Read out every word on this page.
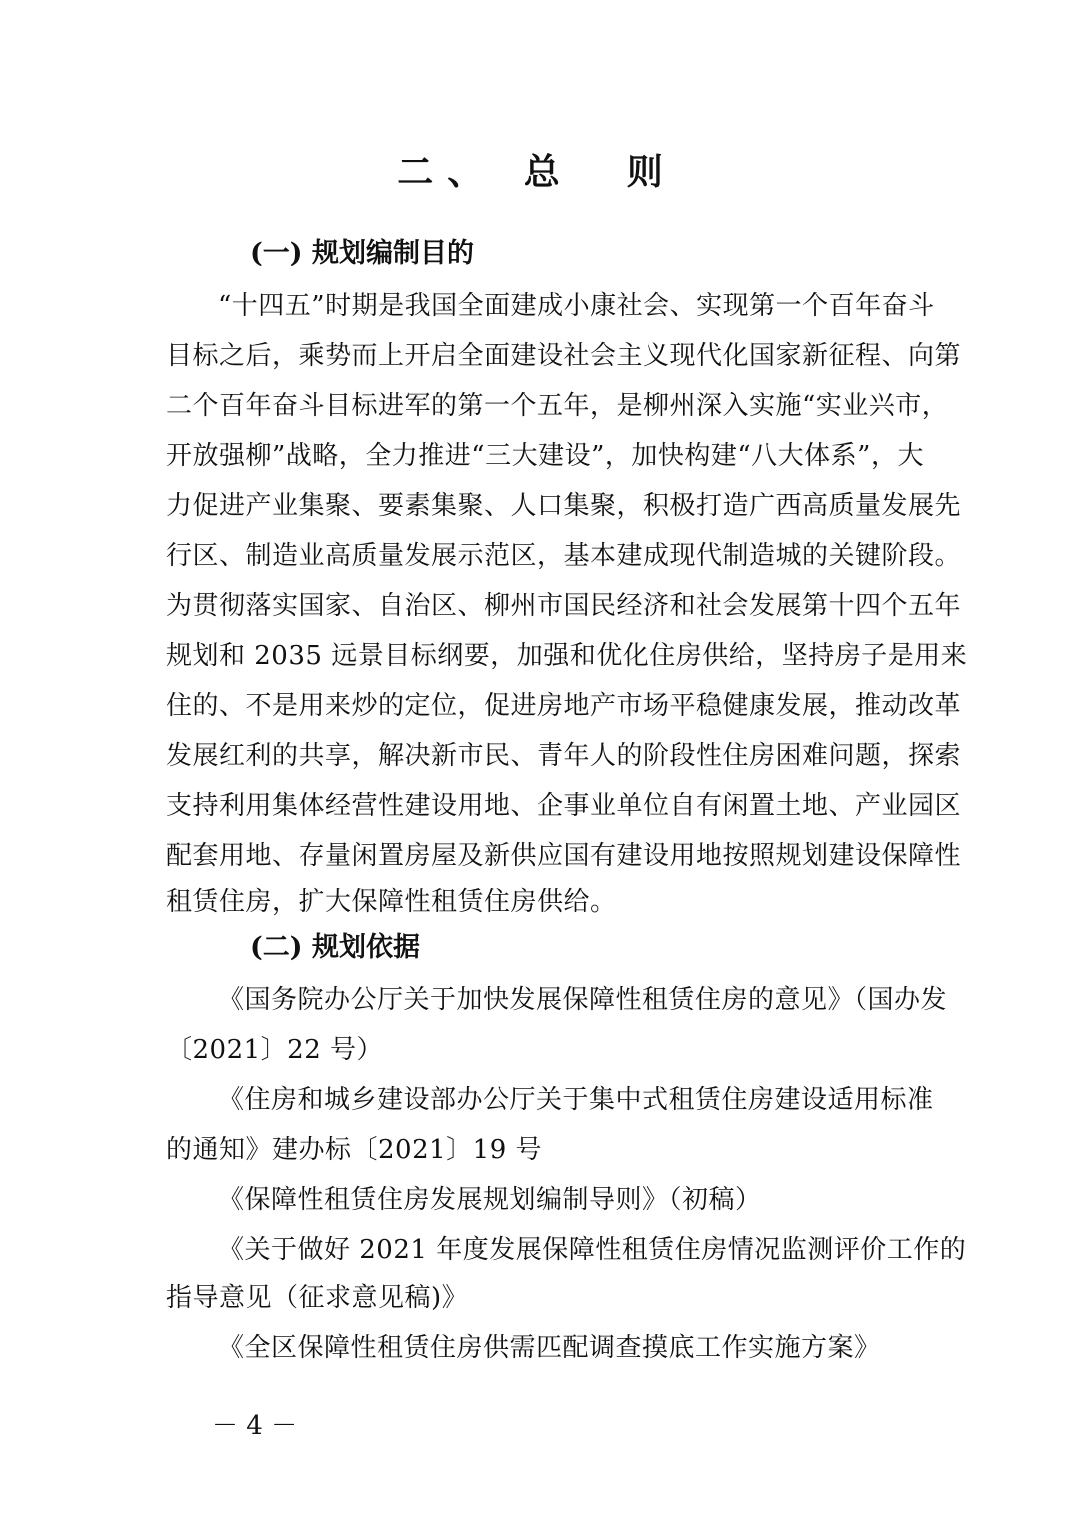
二、 总  则
(一) 规划编制目的
“十四五”时期是我国全面建成小康社会、实现第一个百年奋斗
目标之后，乘势而上开启全面建设社会主义现代化国家新征程、向第
二个百年奋斗目标进军的第一个五年，是柳州深入实施“实业兴市，
开放强柳”战略，全力推进“三大建设”，加快构建“八大体系”，大
力促进产业集聚、要素集聚、人口集聚，积极打造广西高质量发展先
行区、制造业高质量发展示范区，基本建成现代制造城的关键阶段。
为贯彻落实国家、自治区、柳州市国民经济和社会发展第十四个五年
规划和 2035 远景目标纲要，加强和优化住房供给，坚持房子是用来
住的、不是用来炒的定位，促进房地产市场平稳健康发展，推动改革
发展红利的共享，解决新市民、青年人的阶段性住房困难问题，探索
支持利用集体经营性建设用地、企事业单位自有闲置土地、产业园区
配套用地、存量闲置房屋及新供应国有建设用地按照规划建设保障性
租赁住房，扩大保障性租赁住房供给。
(二) 规划依据
《国务院办公厅关于加快发展保障性租赁住房的意见》（国办发
〔2021〕22 号）
《住房和城乡建设部办公厅关于集中式租赁住房建设适用标准
的通知》建办标〔2021〕19 号
《保障性租赁住房发展规划编制导则》（初稿）
《关于做好 2021 年度发展保障性租赁住房情况监测评价工作的
指导意见（征求意见稿)》
《全区保障性租赁住房供需匹配调查摸底工作实施方案》
－ 4 －
